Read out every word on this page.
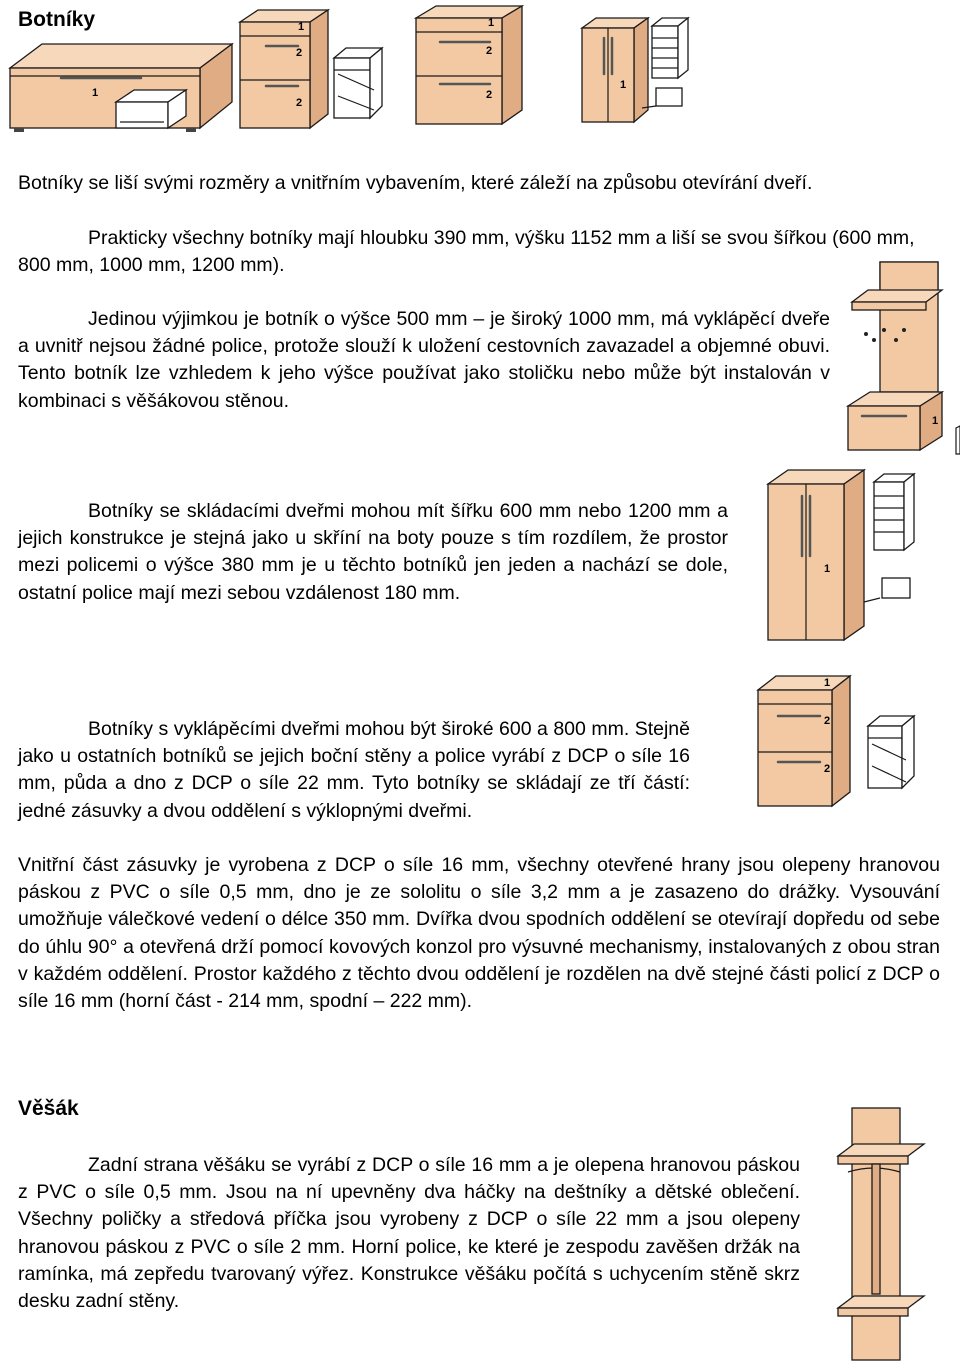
Botníky
1
1
2
2
1
2
2
1

Botníky se liší svými rozměry a vnitřním vybavením, které záleží na způsobu otevírání dveří.

Prakticky všechny botníky mají hloubku 390 mm, výšku 1152 mm a liší se svou šířkou (600 mm, 800 mm, 1000 mm, 1200 mm).

Jedinou výjimkou je botník o výšce 500 mm – je široký 1000 mm, má vyklápěcí dveře a uvnitř nejsou žádné police, protože slouží k uložení cestovních zavazadel a objemné obuvi. Tento botník lze vzhledem k jeho výšce používat jako stoličku nebo může být instalován v kombinaci s věšákovou stěnou.

1

Botníky se skládacími dveřmi mohou mít šířku 600 mm nebo 1200 mm a jejich konstrukce je stejná jako u skříní na boty pouze s tím rozdílem, že prostor mezi policemi o výšce 380 mm je u těchto botníků jen jeden a nachází se dole, ostatní police mají mezi sebou vzdálenost 180 mm.

1

Botníky s vyklápěcími dveřmi mohou být široké 600 a 800 mm. Stejně jako u ostatních botníků se jejich boční stěny a police vyrábí z DCP o síle 16 mm, půda a dno z DCP o síle 22 mm. Tyto botníky se skládají ze tří částí: jedné zásuvky a dvou oddělení s výklopnými dveřmi.

1
2
2

Vnitřní část zásuvky je vyrobena z DCP o síle 16 mm, všechny otevřené hrany jsou olepeny hranovou páskou z PVC o síle 0,5 mm, dno je ze sololitu o síle 3,2 mm a je zasazeno do drážky. Vysouvání umožňuje válečkové vedení o délce 350 mm. Dvířka dvou spodních oddělení se otevírají dopředu od sebe do úhlu 90° a otevřená drží pomocí kovových konzol pro výsuvné mechanismy, instalovaných z obou stran v každém oddělení. Prostor každého z těchto dvou oddělení je rozdělen na dvě stejné části policí z DCP o síle 16 mm (horní část - 214 mm, spodní – 222 mm).

Věšák

Zadní strana věšáku se vyrábí z DCP o síle 16 mm a je olepena hranovou páskou z PVC o síle 0,5 mm. Jsou na ní upevněny dva háčky na deštníky a dětské oblečení. Všechny poličky a středová příčka jsou vyrobeny z DCP o síle 22 mm a jsou olepeny hranovou páskou z PVC o síle 2 mm. Horní police, ke které je zespodu zavěšen držák na ramínka, má zepředu tvarovaný výřez. Konstrukce věšáku počítá s uchycením stěně skrz desku zadní stěny.
